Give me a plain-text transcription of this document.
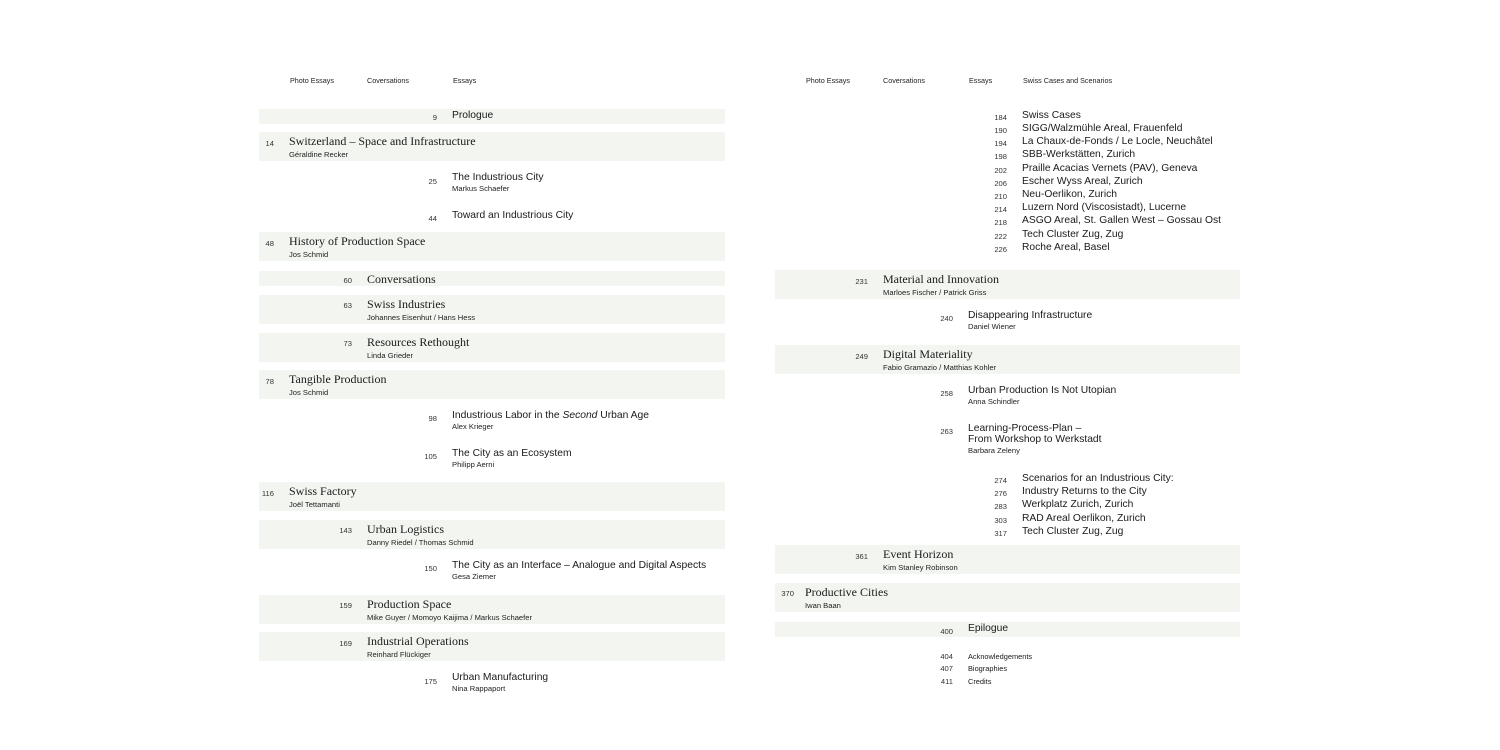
Photo Essays	Coversations	Essays
9 Prologue
14 Switzerland – Space and Infrastructure
Géraldine Recker
25 The Industrious City
Markus Schaefer
44 Toward an Industrious City
48 History of Production Space
Jos Schmid
60 Conversations
63 Swiss Industries
Johannes Eisenhut / Hans Hess
73 Resources Rethought
Linda Grieder
78 Tangible Production
Jos Schmid
98 Industrious Labor in the Second Urban Age
Alex Krieger
105 The City as an Ecosystem
Philipp Aerni
116 Swiss Factory
Joël Tettamanti
143 Urban Logistics
Danny Riedel / Thomas Schmid
150 The City as an Interface – Analogue and Digital Aspects
Gesa Ziemer
159 Production Space
Mike Guyer / Momoyo Kaijima / Markus Schaefer
169 Industrial Operations
Reinhard Flückiger
175 Urban Manufacturing
Nina Rappaport
Photo Essays	Coversations	Essays	Swiss Cases and Scenarios
184 Swiss Cases
190 SIGG/Walzmühle Areal, Frauenfeld
194 La Chaux-de-Fonds / Le Locle, Neuchâtel
198 SBB-Werkstätten, Zurich
202 Praille Acacias Vernets (PAV), Geneva
206 Escher Wyss Areal, Zurich
210 Neu-Oerlikon, Zurich
214 Luzern Nord (Viscosistadt), Lucerne
218 ASGO Areal, St. Gallen West – Gossau Ost
222 Tech Cluster Zug, Zug
226 Roche Areal, Basel
231 Material and Innovation
Marloes Fischer / Patrick Griss
240 Disappearing Infrastructure
Daniel Wiener
249 Digital Materiality
Fabio Gramazio / Matthias Kohler
258 Urban Production Is Not Utopian
Anna Schindler
263 Learning-Process-Plan –
From Workshop to Werkstadt
Barbara Zeleny
274 Scenarios for an Industrious City:
276 Industry Returns to the City
283 Werkplatz Zurich, Zurich
303 RAD Areal Oerlikon, Zurich
317 Tech Cluster Zug, Zug
361 Event Horizon
Kim Stanley Robinson
370 Productive Cities
Iwan Baan
400 Epilogue
404 Acknowledgements
407 Biographies
411 Credits
